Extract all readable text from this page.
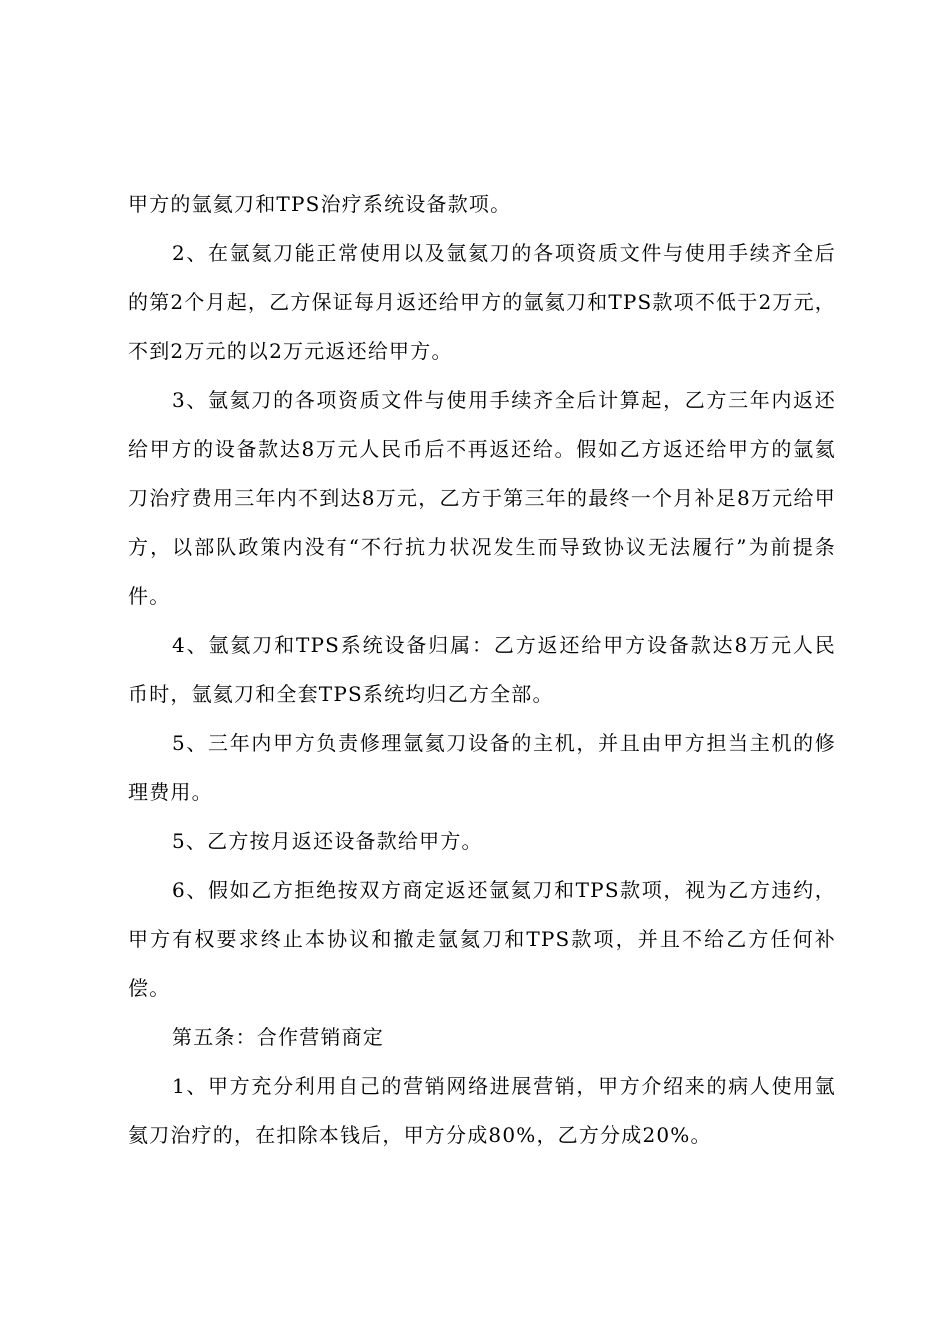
甲方的氩氦刀和TPS治疗系统设备款项。

2、在氩氦刀能正常使用以及氩氦刀的各项资质文件与使用手续齐全后的第2个月起，乙方保证每月返还给甲方的氩氦刀和TPS款项不低于2万元，不到2万元的以2万元返还给甲方。

3、氩氦刀的各项资质文件与使用手续齐全后计算起，乙方三年内返还给甲方的设备款达8万元人民币后不再返还给。假如乙方返还给甲方的氩氦刀治疗费用三年内不到达8万元，乙方于第三年的最终一个月补足8万元给甲方，以部队政策内没有“不行抗力状况发生而导致协议无法履行”为前提条件。

4、氩氦刀和TPS系统设备归属：乙方返还给甲方设备款达8万元人民币时，氩氦刀和全套TPS系统均归乙方全部。

5、三年内甲方负责修理氩氦刀设备的主机，并且由甲方担当主机的修理费用。

5、乙方按月返还设备款给甲方。

6、假如乙方拒绝按双方商定返还氩氦刀和TPS款项，视为乙方违约，甲方有权要求终止本协议和撤走氩氦刀和TPS款项，并且不给乙方任何补偿。

第五条：合作营销商定

1、甲方充分利用自己的营销网络进展营销，甲方介绍来的病人使用氩氦刀治疗的，在扣除本钱后，甲方分成80%，乙方分成20%。
